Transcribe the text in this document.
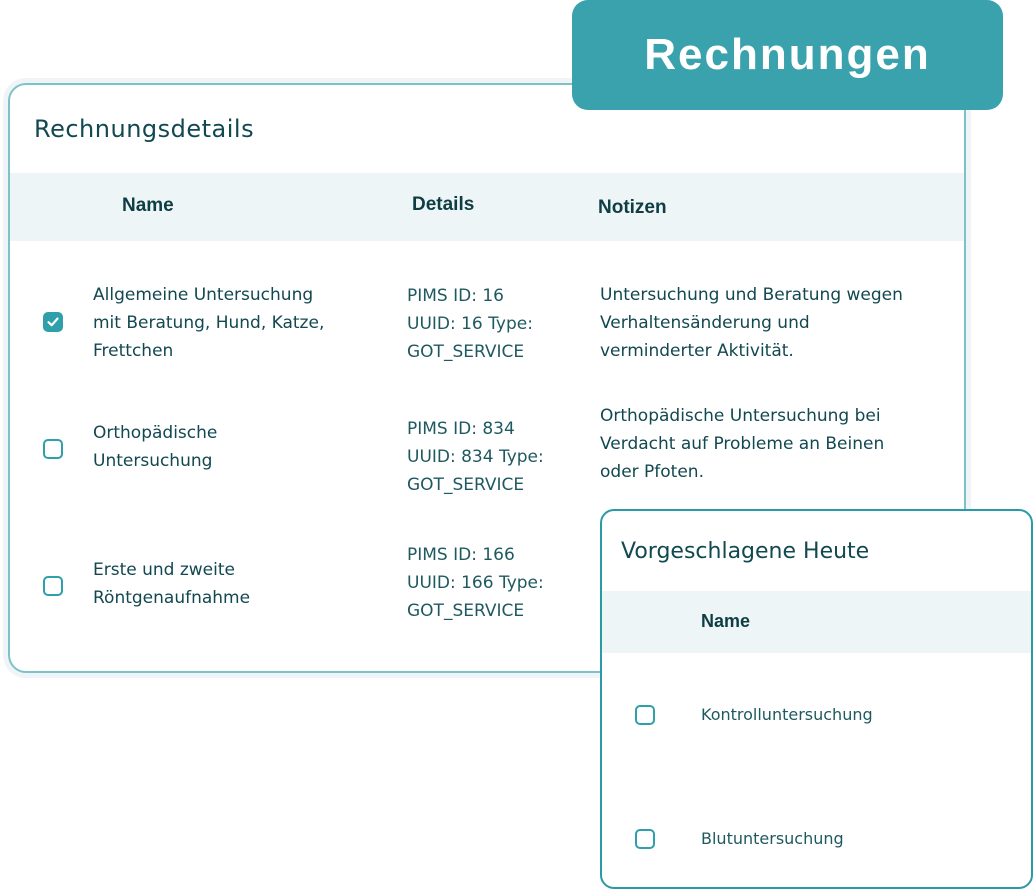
Rechnungsdetails
Name	Details	Notizen
Allgemeine Untersuchung
mit Beratung, Hund, Katze,
Frettchen
PIMS ID: 16
UUID: 16 Type:
GOT_SERVICE
Untersuchung und Beratung wegen
Verhaltensänderung und
verminderter Aktivität.
Orthopädische
Untersuchung
PIMS ID: 834
UUID: 834 Type:
GOT_SERVICE
Orthopädische Untersuchung bei
Verdacht auf Probleme an Beinen
oder Pfoten.
Erste und zweite
Röntgenaufnahme
PIMS ID: 166
UUID: 166 Type:
GOT_SERVICE
Rechnungen
Vorgeschlagene Heute
Name
Kontrolluntersuchung
Blutuntersuchung
